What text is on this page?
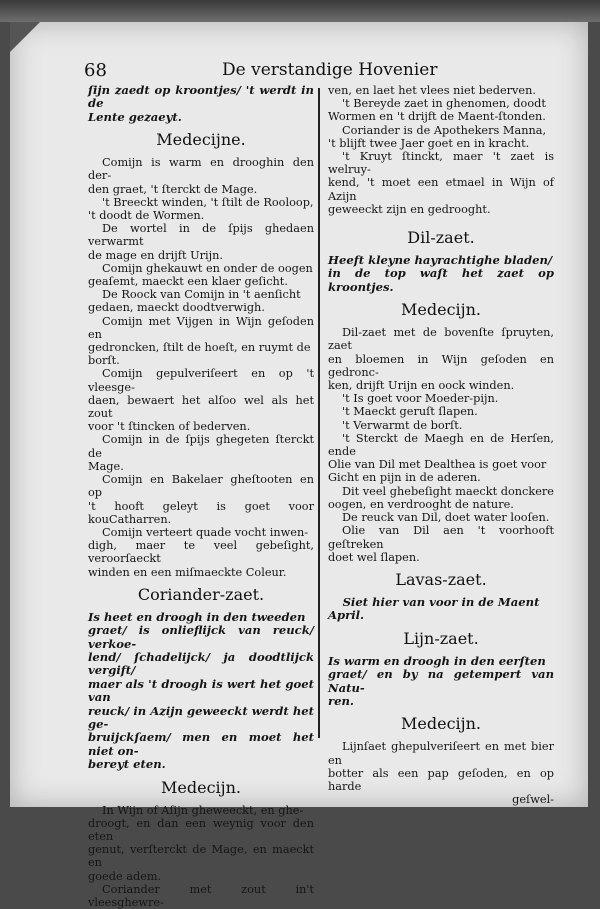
68	De verstandige Hovenier

ſijn zaedt op kroontjes/ 't werdt in de

Lente gezaeyt.

Medecijne.

Comijn is warm en drooghin den der-

den graet, 't ſterckt de Mage.

't Breeckt winden, 't ſtilt de Rooloop,

't doodt de Wormen.

De wortel in de ſpijs ghedaen verwarmt

de mage en drijft Urijn.

Comijn ghekauwt en onder de oogen

geaſemt, maeckt een klaer geſicht.

De Roock van Comijn in 't aenſicht

gedaen, maeckt doodtverwigh.

Comijn met Vijgen in Wijn geſoden en

gedroncken, ſtilt de hoeſt, en ruymt de

borſt.

Comijn gepulveriſeert en op 't vleesge-

daen, bewaert het alſoo wel als het zout

voor 't ſtincken of bederven.

Comijn in de ſpijs ghegeten ſterckt de

Mage.

Comijn en Bakelaer gheſtooten en op

't hooft geleyt is goet voor kouCatharren.

Comijn verteert quade vocht inwen-

digh, maer te veel gebeſight, veroorſaeckt

winden en een miſmaeckte Coleur.

Coriander-zaet.

Is heet en droogh in den tweeden

graet/ is onlieflijck van reuck/ verkoe-

lend/ ſchadelijck/ ja doodtlijck vergift/

maer als 't droogh is wert het goet van

reuck/ in Azijn geweeckt werdt het ge-

bruijckſaem/ men en moet het niet on-

bereyt eten.

Medecijn.

In Wijn of Aſijn gheweeckt, en ghe-

droogt, en dan een weynig voor den eten

genut, verſterckt de Mage, en maeckt en

goede adem.

Coriander met zout in't vleesghewre-

ven, en laet het vlees niet bederven.

't Bereyde zaet in ghenomen, doodt

Wormen en 't drijft de Maent-ſtonden.

Coriander is de Apothekers Manna,

't blijft twee Jaer goet en in kracht.

't Kruyt ſtinckt, maer 't zaet is welruy-

kend, 't moet een etmael in Wijn of Azijn

geweeckt zijn en gedrooght.

Dil-zaet.

Heeft kleyne hayrachtighe bladen/

in de top waſt het zaet op kroontjes.

Medecijn.

Dil-zaet met de bovenſte ſpruyten, zaet

en bloemen in Wijn geſoden en gedronc-

ken, drijft Urijn en oock winden.

't Is goet voor Moeder-pijn.

't Maeckt geruſt ſlapen.

't Verwarmt de borſt.

't Sterckt de Maegh en de Herſen, ende

Olie van Dil met Dealthea is goet voor

Gicht en pijn in de aderen.

Dit veel ghebeſight maeckt donckere

oogen, en verdrooght de nature.

De reuck van Dil, doet water looſen.

Olie van Dil aen 't voorhooft geſtreken

doet wel ſlapen.

Lavas-zaet.

Siet hier van voor in de Maent

April.

Lijn-zaet.

Is warm en droogh in den eerſten

graet/ en by na getempert van Natu-

ren.

Medecijn.

Lijnſaet ghepulveriſeert en met bier en

botter als een pap geſoden, en op harde

geſwel-
